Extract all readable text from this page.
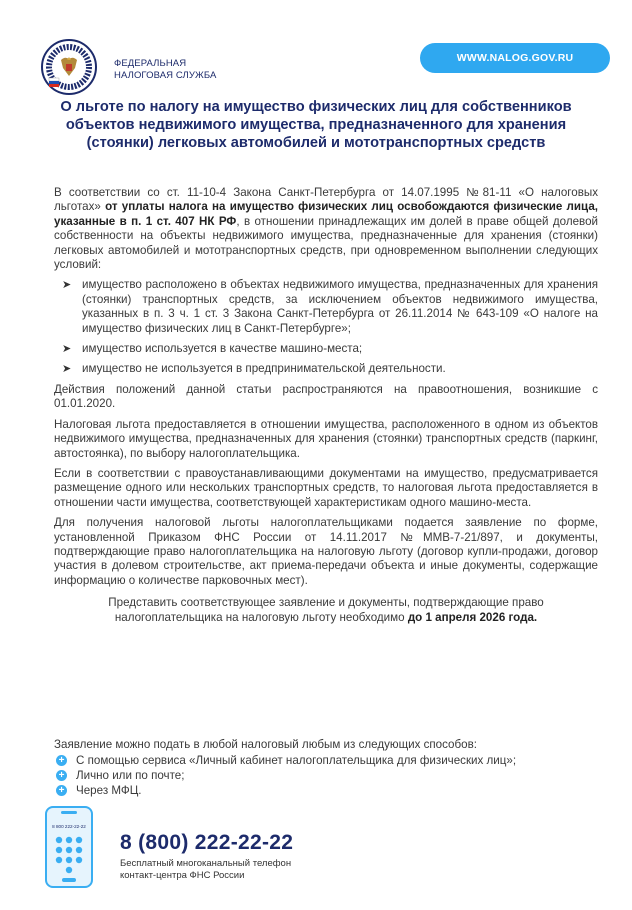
ФЕДЕРАЛЬНАЯ
НАЛОГОВАЯ СЛУЖБА
WWW.NALOG.GOV.RU
О льготе по налогу на имущество физических лиц для собственников объектов недвижимого имущества, предназначенного для хранения (стоянки) легковых автомобилей и мототранспортных средств

В соответствии со ст. 11-10-4 Закона Санкт-Петербурга от 14.07.1995 №81-11 «О налоговых льготах» от уплаты налога на имущество физических лиц освобождаются физические лица, указанные в п. 1 ст. 407 НК РФ, в отношении принадлежащих им долей в праве общей долевой собственности на объекты недвижимого имущества, предназначенные для хранения (стоянки) легковых автомобилей и мототранспортных средств, при одновременном выполнении следующих условий:

➤ имущество расположено в объектах недвижимого имущества, предназначенных для хранения (стоянки) транспортных средств, за исключением объектов недвижимого имущества, указанных в п. 3 ч. 1 ст. 3 Закона Санкт-Петербурга от 26.11.2014 № 643-109 «О налоге на имущество физических лиц в Санкт-Петербурге»;
➤ имущество используется в качестве машино-места;
➤ имущество не используется в предпринимательской деятельности.

Действия положений данной статьи распространяются на правоотношения, возникшие с 01.01.2020.

Налоговая льгота предоставляется в отношении имущества, расположенного в одном из объектов недвижимого имущества, предназначенных для хранения (стоянки) транспортных средств (паркинг, автостоянка), по выбору налогоплательщика.

Если в соответствии с правоустанавливающими документами на имущество, предусматривается размещение одного или нескольких транспортных средств, то налоговая льгота предоставляется в отношении части имущества, соответствующей характеристикам одного машино-места.

Для получения налоговой льготы налогоплательщиками подается заявление по форме, установленной Приказом ФНС России от 14.11.2017 №ММВ-7-21/897, и документы, подтверждающие право налогоплательщика на налоговую льготу (договор купли-продажи, договор участия в долевом строительстве, акт приема-передачи объекта и иные документы, содержащие информацию о количестве парковочных мест).

Представить соответствующее заявление и документы, подтверждающие право налогоплательщика на налоговую льготу необходимо до 1 апреля 2026 года.

Заявление можно подать в любой налоговый любым из следующих способов:
+ С помощью сервиса «Личный кабинет налогоплательщика для физических лиц»;
+ Лично или по почте;
+ Через МФЦ.
8 800 222-22-22
8 (800) 222-22-22
Бесплатный многоканальный телефон
контакт-центра ФНС России
